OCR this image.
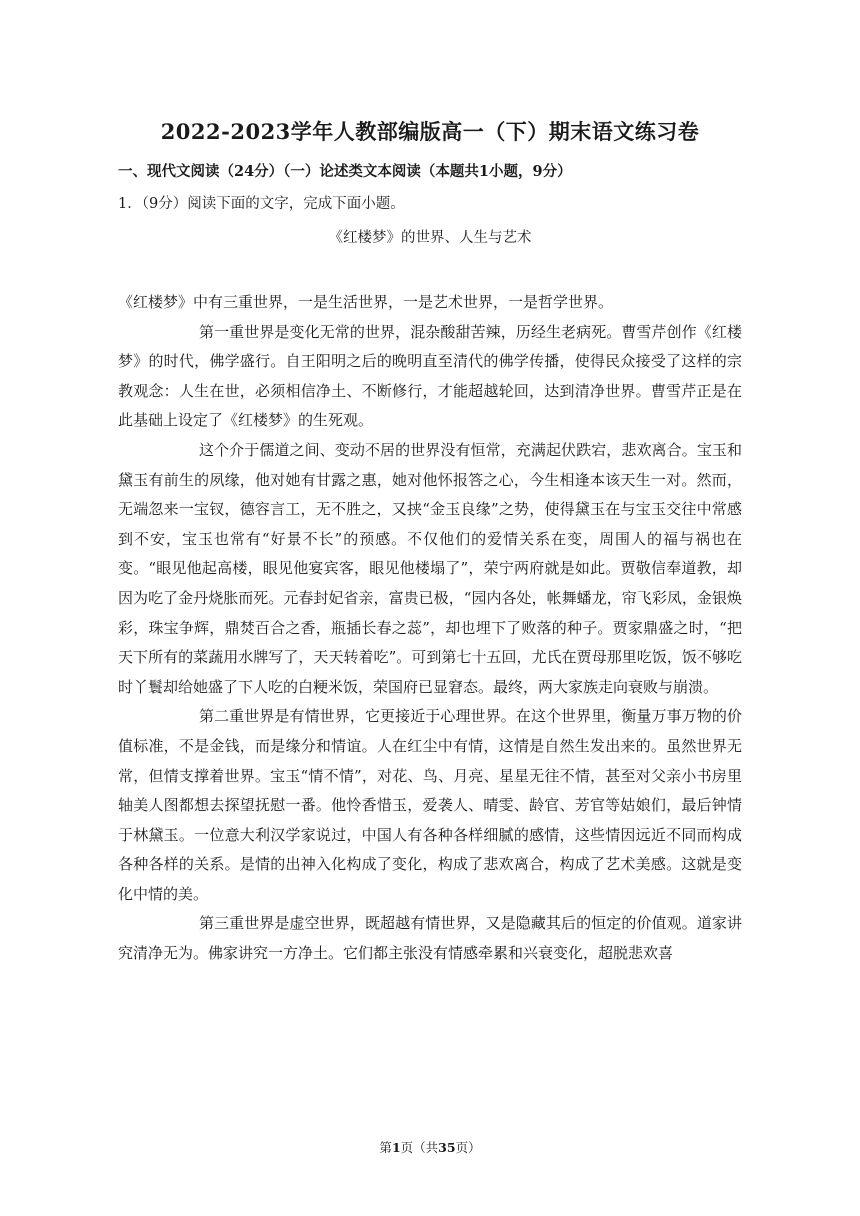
2022-2023学年人教部编版高一（下）期末语文练习卷
一、现代文阅读（24分）（一）论述类文本阅读（本题共1小题，9分）
1．（9分）阅读下面的文字，完成下面小题。
《红楼梦》的世界、人生与艺术

《红楼梦》中有三重世界，一是生活世界，一是艺术世界，一是哲学世界。

第一重世界是变化无常的世界，混杂酸甜苦辣，历经生老病死。曹雪芹创作《红楼梦》的时代，佛学盛行。自王阳明之后的晚明直至清代的佛学传播，使得民众接受了这样的宗教观念：人生在世，必须相信净土、不断修行，才能超越轮回，达到清净世界。曹雪芹正是在此基础上设定了《红楼梦》的生死观。

这个介于儒道之间、变动不居的世界没有恒常，充满起伏跌宕，悲欢离合。宝玉和黛玉有前生的夙缘，他对她有甘露之惠，她对他怀报答之心，今生相逢本该天生一对。然而，无端忽来一宝钗，德容言工，无不胜之，又挟“金玉良缘”之势，使得黛玉在与宝玉交往中常感到不安，宝玉也常有“好景不长”的预感。不仅他们的爱情关系在变，周围人的福与祸也在变。“眼见他起高楼，眼见他宴宾客，眼见他楼塌了”，荣宁两府就是如此。贾敬信奉道教，却因为吃了金丹烧胀而死。元春封妃省亲，富贵已极，“园内各处，帐舞蟠龙，帘飞彩凤，金银焕彩，珠宝争辉，鼎焚百合之香，瓶插长春之蕊”，却也埋下了败落的种子。贾家鼎盛之时，“把天下所有的菜蔬用水牌写了，天天转着吃”。可到第七十五回，尤氏在贾母那里吃饭，饭不够吃时丫鬟却给她盛了下人吃的白粳米饭，荣国府已显窘态。最终，两大家族走向衰败与崩溃。

第二重世界是有情世界，它更接近于心理世界。在这个世界里，衡量万事万物的价值标准，不是金钱，而是缘分和情谊。人在红尘中有情，这情是自然生发出来的。虽然世界无常，但情支撑着世界。宝玉“情不情”，对花、鸟、月亮、星星无往不情，甚至对父亲小书房里轴美人图都想去探望抚慰一番。他怜香惜玉，爱袭人、晴雯、龄官、芳官等姑娘们，最后钟情于林黛玉。一位意大利汉学家说过，中国人有各种各样细腻的感情，这些情因远近不同而构成各种各样的关系。是情的出神入化构成了变化，构成了悲欢离合，构成了艺术美感。这就是变化中情的美。

第三重世界是虚空世界，既超越有情世界，又是隐藏其后的恒定的价值观。道家讲究清净无为。佛家讲究一方净土。它们都主张没有情感牵累和兴衰变化，超脱悲欢喜

第1页（共35页）
